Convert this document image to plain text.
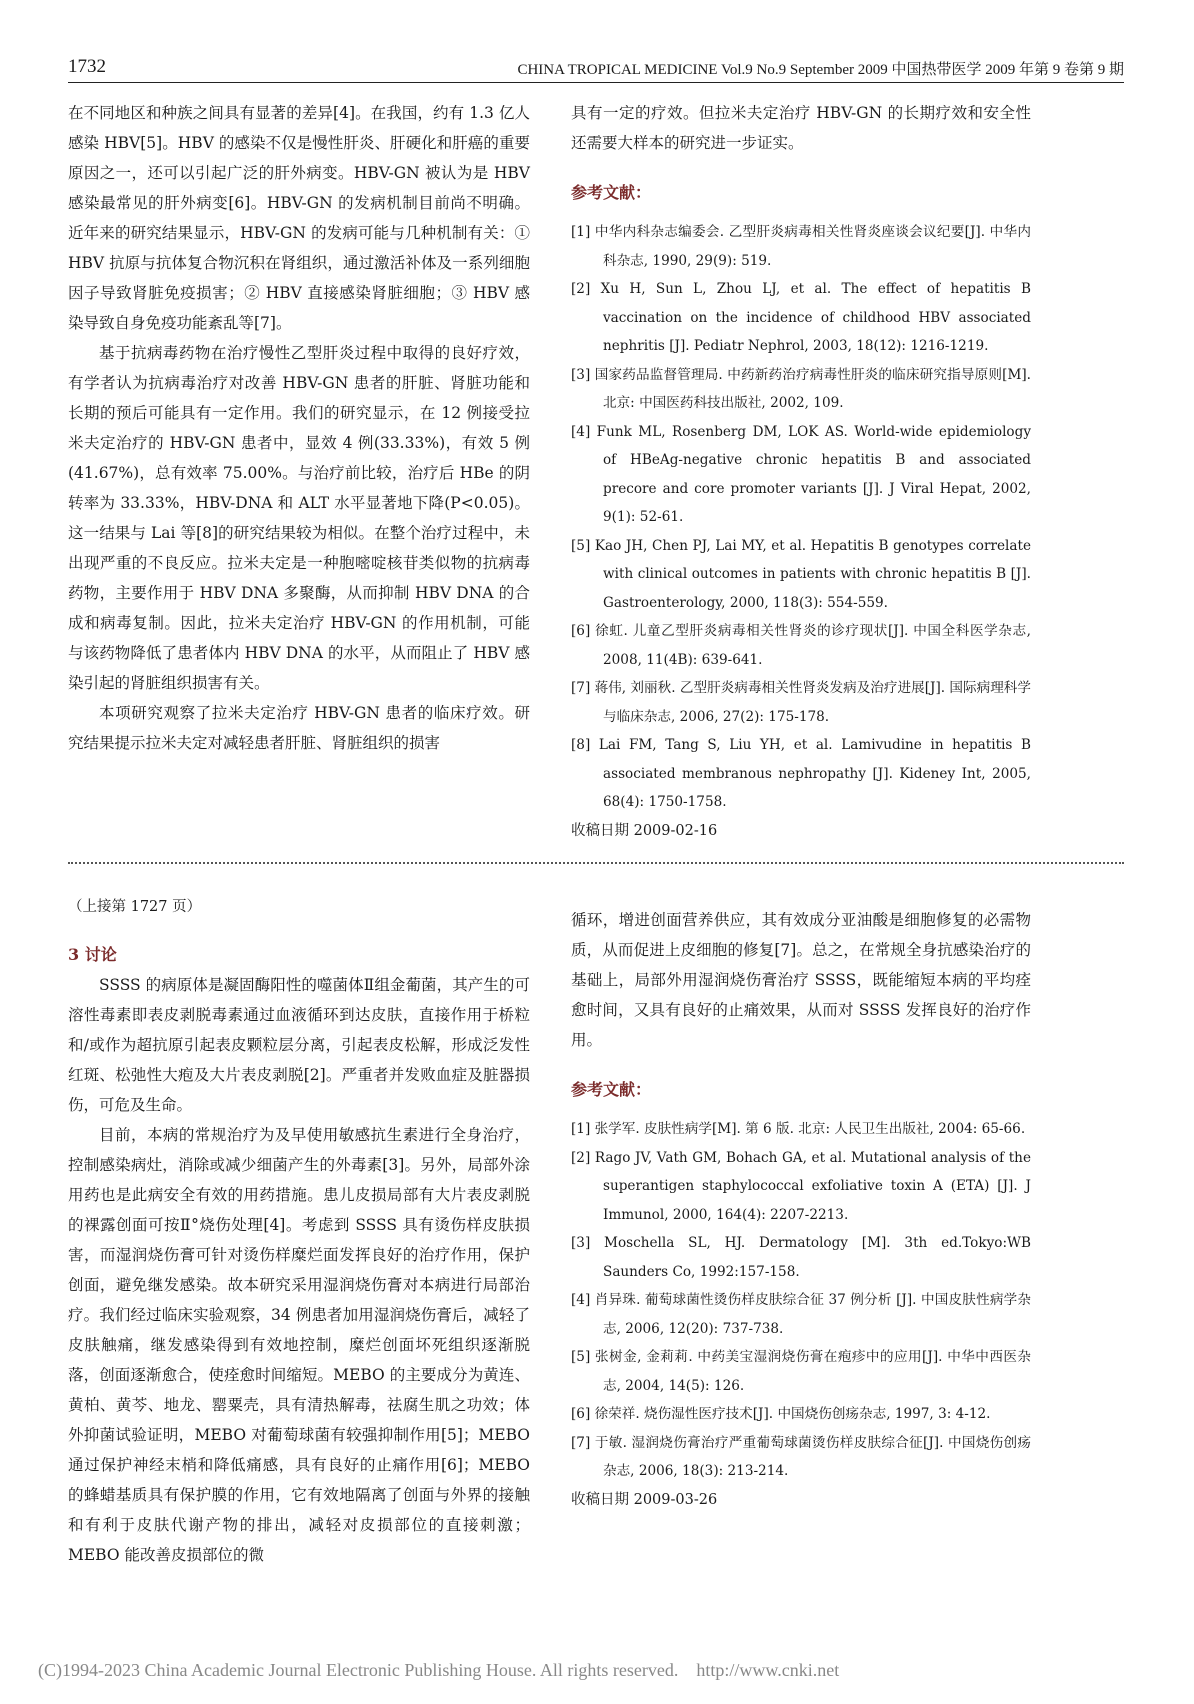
1732	CHINA TROPICAL MEDICINE Vol.9 No.9 September 2009 中国热带医学 2009 年第 9 卷第 9 期

在不同地区和种族之间具有显著的差异[4]。在我国，约有 1.3 亿人感染 HBV[5]。HBV 的感染不仅是慢性肝炎、肝硬化和肝癌的重要原因之一，还可以引起广泛的肝外病变。HBV-GN 被认为是 HBV 感染最常见的肝外病变[6]。HBV-GN 的发病机制目前尚不明确。近年来的研究结果显示，HBV-GN 的发病可能与几种机制有关：① HBV 抗原与抗体复合物沉积在肾组织，通过激活补体及一系列细胞因子导致肾脏免疫损害；② HBV 直接感染肾脏细胞；③ HBV 感染导致自身免疫功能紊乱等[7]。

基于抗病毒药物在治疗慢性乙型肝炎过程中取得的良好疗效，有学者认为抗病毒治疗对改善 HBV-GN 患者的肝脏、肾脏功能和长期的预后可能具有一定作用。我们的研究显示，在 12 例接受拉米夫定治疗的 HBV-GN 患者中，显效 4 例(33.33%)，有效 5 例(41.67%)，总有效率 75.00%。与治疗前比较，治疗后 HBe 的阴转率为 33.33%，HBV-DNA 和 ALT 水平显著地下降(P<0.05)。这一结果与 Lai 等[8]的研究结果较为相似。在整个治疗过程中，未出现严重的不良反应。拉米夫定是一种胞嘧啶核苷类似物的抗病毒药物，主要作用于 HBV DNA 多聚酶，从而抑制 HBV DNA 的合成和病毒复制。因此，拉米夫定治疗 HBV-GN 的作用机制，可能与该药物降低了患者体内 HBV DNA 的水平，从而阻止了 HBV 感染引起的肾脏组织损害有关。

本项研究观察了拉米夫定治疗 HBV-GN 患者的临床疗效。研究结果提示拉米夫定对减轻患者肝脏、肾脏组织的损害

具有一定的疗效。但拉米夫定治疗 HBV-GN 的长期疗效和安全性还需要大样本的研究进一步证实。

参考文献：

[1] 中华内科杂志编委会. 乙型肝炎病毒相关性肾炎座谈会议纪要[J]. 中华内科杂志, 1990, 29(9): 519.

[2] Xu H, Sun L, Zhou LJ, et al. The effect of hepatitis B vaccination on the incidence of childhood HBV associated nephritis [J]. Pediatr Nephrol, 2003, 18(12): 1216-1219.

[3] 国家药品监督管理局. 中药新药治疗病毒性肝炎的临床研究指导原则[M]. 北京: 中国医药科技出版社, 2002, 109.

[4] Funk ML, Rosenberg DM, LOK AS. World-wide epidemiology of HBeAg-negative chronic hepatitis B and associated precore and core promoter variants [J]. J Viral Hepat, 2002, 9(1): 52-61.

[5] Kao JH, Chen PJ, Lai MY, et al. Hepatitis B genotypes correlate with clinical outcomes in patients with chronic hepatitis B [J]. Gastroenterology, 2000, 118(3): 554-559.

[6] 徐虹. 儿童乙型肝炎病毒相关性肾炎的诊疗现状[J]. 中国全科医学杂志, 2008, 11(4B): 639-641.

[7] 蒋伟, 刘丽秋. 乙型肝炎病毒相关性肾炎发病及治疗进展[J]. 国际病理科学与临床杂志, 2006, 27(2): 175-178.

[8] Lai FM, Tang S, Liu YH, et al. Lamivudine in hepatitis B associated membranous nephropathy [J]. Kideney Int, 2005, 68(4): 1750-1758.

收稿日期 2009-02-16

（上接第 1727 页）

3 讨论

SSSS 的病原体是凝固酶阳性的噬菌体Ⅱ组金葡菌，其产生的可溶性毒素即表皮剥脱毒素通过血液循环到达皮肤，直接作用于桥粒和/或作为超抗原引起表皮颗粒层分离，引起表皮松解，形成泛发性红斑、松弛性大疱及大片表皮剥脱[2]。严重者并发败血症及脏器损伤，可危及生命。

目前，本病的常规治疗为及早使用敏感抗生素进行全身治疗，控制感染病灶，消除或减少细菌产生的外毒素[3]。另外，局部外涂用药也是此病安全有效的用药措施。患儿皮损局部有大片表皮剥脱的裸露创面可按Ⅱ°烧伤处理[4]。考虑到 SSSS 具有烫伤样皮肤损害，而湿润烧伤膏可针对烫伤样糜烂面发挥良好的治疗作用，保护创面，避免继发感染。故本研究采用湿润烧伤膏对本病进行局部治疗。我们经过临床实验观察，34 例患者加用湿润烧伤膏后，减轻了皮肤触痛，继发感染得到有效地控制，糜烂创面坏死组织逐渐脱落，创面逐渐愈合，使痊愈时间缩短。MEBO 的主要成分为黄连、黄柏、黄芩、地龙、罂粟壳，具有清热解毒，祛腐生肌之功效；体外抑菌试验证明，MEBO 对葡萄球菌有较强抑制作用[5]；MEBO 通过保护神经末梢和降低痛感，具有良好的止痛作用[6]；MEBO 的蜂蜡基质具有保护膜的作用，它有效地隔离了创面与外界的接触和有利于皮肤代谢产物的排出，减轻对皮损部位的直接刺激；MEBO 能改善皮损部位的微

循环，增进创面营养供应，其有效成分亚油酸是细胞修复的必需物质，从而促进上皮细胞的修复[7]。总之，在常规全身抗感染治疗的基础上，局部外用湿润烧伤膏治疗 SSSS，既能缩短本病的平均痊愈时间，又具有良好的止痛效果，从而对 SSSS 发挥良好的治疗作用。

参考文献：

[1] 张学军. 皮肤性病学[M]. 第 6 版. 北京: 人民卫生出版社, 2004: 65-66.

[2] Rago JV, Vath GM, Bohach GA, et al. Mutational analysis of the superantigen staphylococcal exfoliative toxin A (ETA) [J]. J Immunol, 2000, 164(4): 2207-2213.

[3] Moschella SL, HJ. Dermatology [M]. 3th ed.Tokyo:WB Saunders Co, 1992:157-158.

[4] 肖异珠. 葡萄球菌性烫伤样皮肤综合征 37 例分析 [J]. 中国皮肤性病学杂志, 2006, 12(20): 737-738.

[5] 张树金, 金莉莉. 中药美宝湿润烧伤膏在疱疹中的应用[J]. 中华中西医杂志, 2004, 14(5): 126.

[6] 徐荣祥. 烧伤湿性医疗技术[J]. 中国烧伤创疡杂志, 1997, 3: 4-12.

[7] 于敏. 湿润烧伤膏治疗严重葡萄球菌烫伤样皮肤综合征[J]. 中国烧伤创疡杂志, 2006, 18(3): 213-214.

收稿日期 2009-03-26

(C)1994-2023 China Academic Journal Electronic Publishing House. All rights reserved. http://www.cnki.net
